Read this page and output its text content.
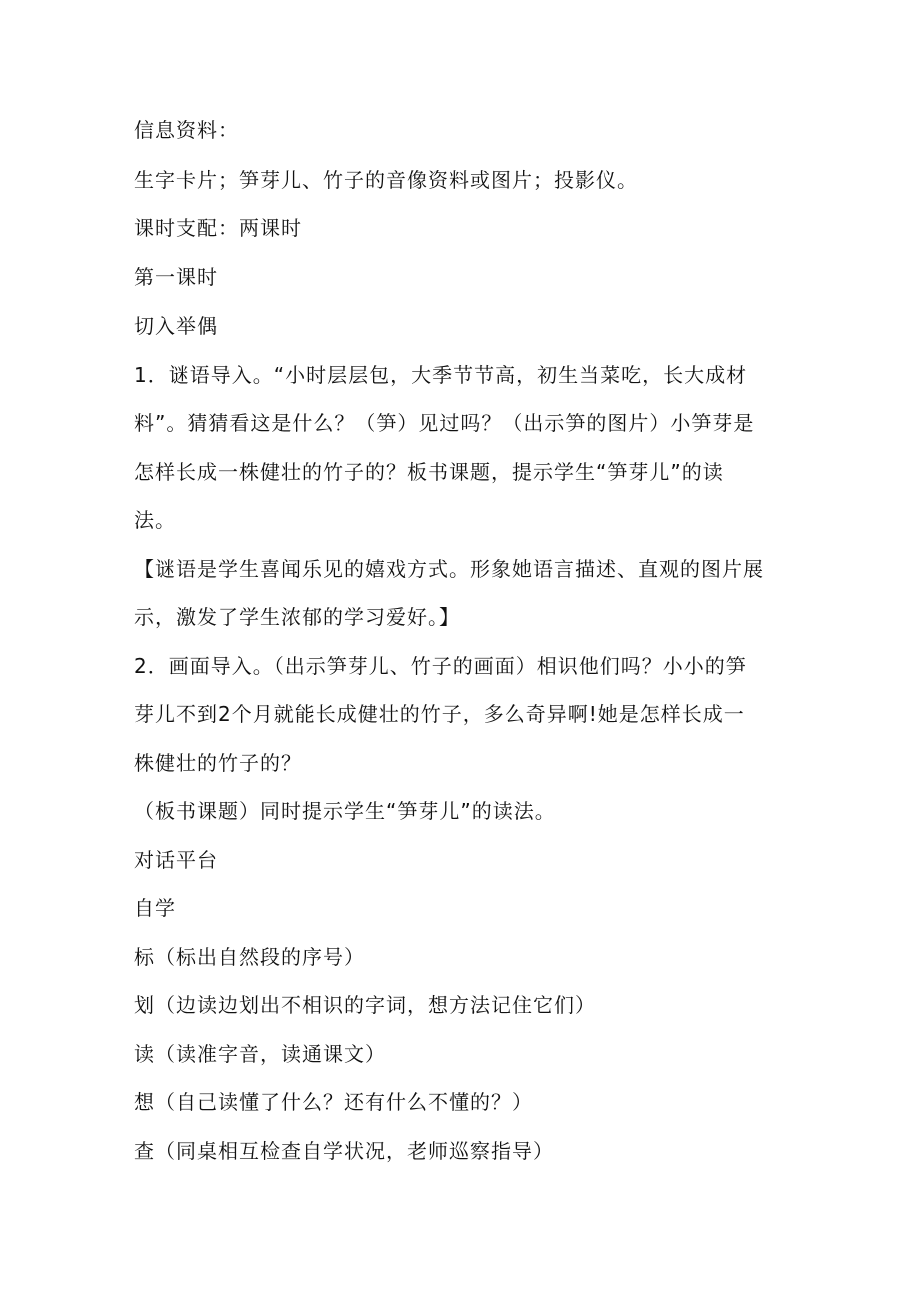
信息资料：
生字卡片；笋芽儿、竹子的音像资料或图片；投影仪。
课时支配：两课时
第一课时
切入举偶
1．谜语导入。“小时层层包，大季节节高，初生当菜吃，长大成材
料”。猜猜看这是什么？（笋）见过吗？（出示笋的图片）小笋芽是
怎样长成一株健壮的竹子的？板书课题，提示学生“笋芽儿”的读
法。
【谜语是学生喜闻乐见的嬉戏方式。形象她语言描述、直观的图片展
示，激发了学生浓郁的学习爱好。】
2．画面导入。（出示笋芽儿、竹子的画面）相识他们吗？小小的笋
芽儿不到2个月就能长成健壮的竹子，多么奇异啊!她是怎样长成一
株健壮的竹子的？
（板书课题）同时提示学生“笋芽儿”的读法。
对话平台
自学
标（标出自然段的序号）
划（边读边划出不相识的字词，想方法记住它们）
读（读准字音，读通课文）
想（自己读懂了什么？还有什么不懂的？）
查（同桌相互检查自学状况，老师巡察指导）
